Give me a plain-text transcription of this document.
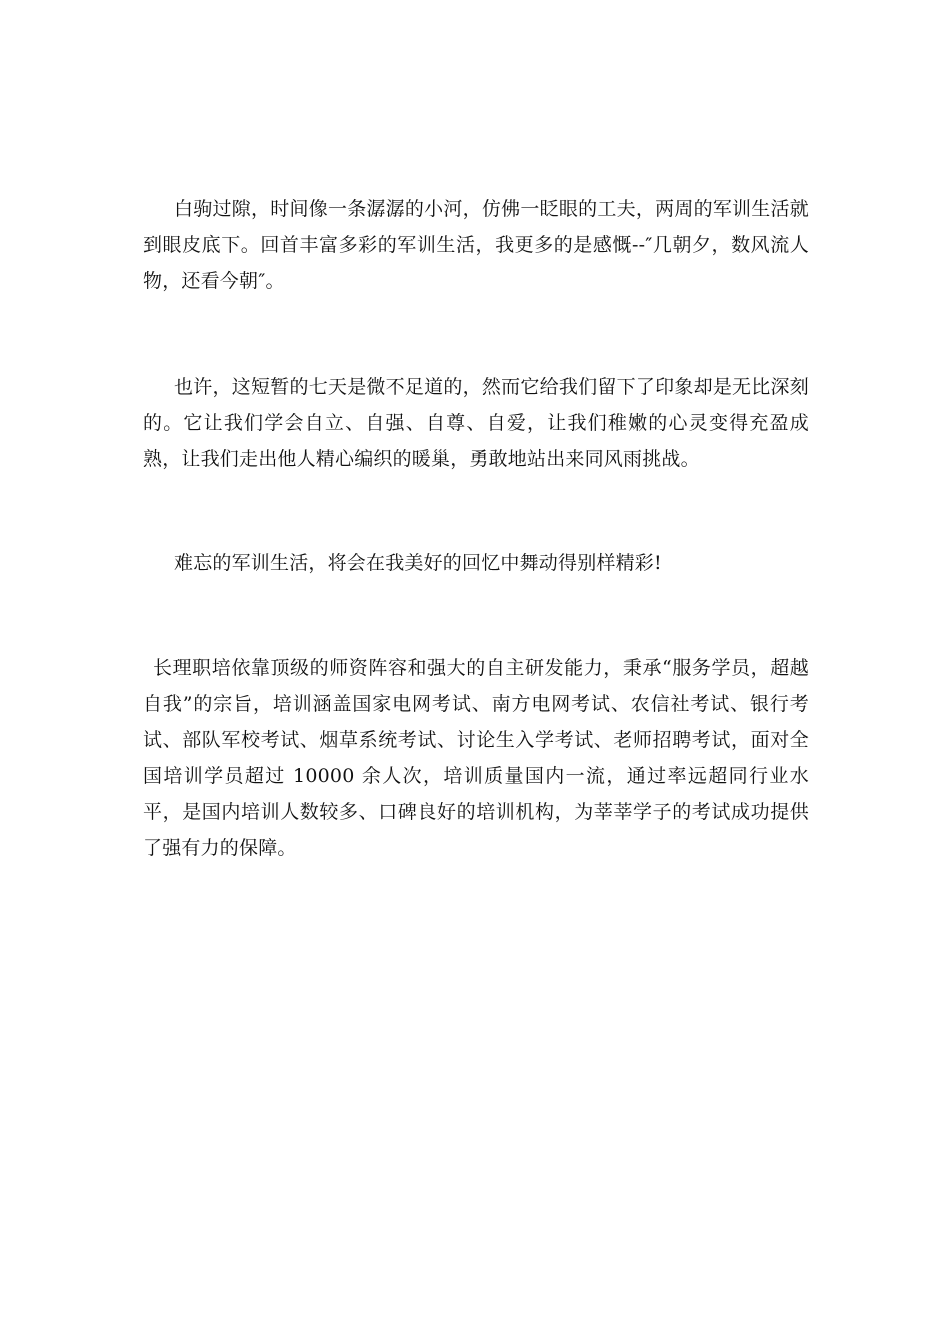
白驹过隙，时间像一条潺潺的小河，仿佛一眨眼的工夫，两周的军训生活就到眼皮底下。回首丰富多彩的军训生活，我更多的是感慨--″几朝夕，数风流人物，还看今朝″。

也许，这短暂的七天是微不足道的，然而它给我们留下了印象却是无比深刻的。它让我们学会自立、自强、自尊、自爱，让我们稚嫩的心灵变得充盈成熟，让我们走出他人精心编织的暖巢，勇敢地站出来同风雨挑战。

难忘的军训生活，将会在我美好的回忆中舞动得别样精彩!

长理职培依靠顶级的师资阵容和强大的自主研发能力，秉承“服务学员，超越自我”的宗旨，培训涵盖国家电网考试、南方电网考试、农信社考试、银行考试、部队军校考试、烟草系统考试、讨论生入学考试、老师招聘考试，面对全国培训学员超过 10000 余人次，培训质量国内一流，通过率远超同行业水平，是国内培训人数较多、口碑良好的培训机构，为莘莘学子的考试成功提供了强有力的保障。
